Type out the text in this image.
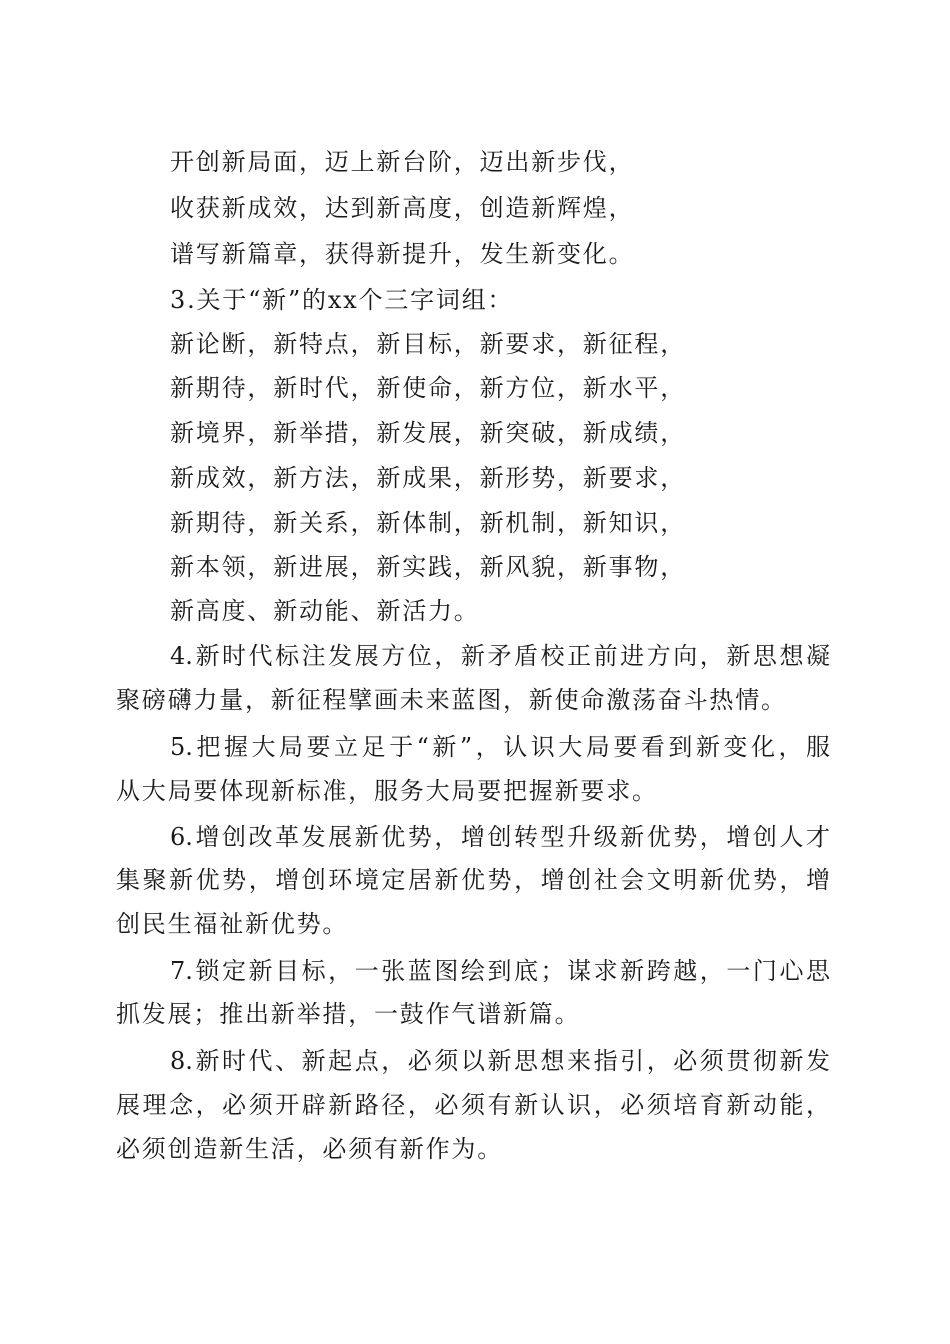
开创新局面，迈上新台阶，迈出新步伐，
收获新成效，达到新高度，创造新辉煌，
谱写新篇章，获得新提升，发生新变化。
3.关于“新”的xx个三字词组：
新论断，新特点，新目标，新要求，新征程，
新期待，新时代，新使命，新方位，新水平，
新境界，新举措，新发展，新突破，新成绩，
新成效，新方法，新成果，新形势，新要求，
新期待，新关系，新体制，新机制，新知识，
新本领，新进展，新实践，新风貌，新事物，
新高度、新动能、新活力。
4.新时代标注发展方位，新矛盾校正前进方向，新思想凝
聚磅礴力量，新征程擘画未来蓝图，新使命激荡奋斗热情。
5.把握大局要立足于“新”，认识大局要看到新变化，服
从大局要体现新标准，服务大局要把握新要求。
6.增创改革发展新优势，增创转型升级新优势，增创人才
集聚新优势，增创环境定居新优势，增创社会文明新优势，增
创民生福祉新优势。
7.锁定新目标，一张蓝图绘到底；谋求新跨越，一门心思
抓发展；推出新举措，一鼓作气谱新篇。
8.新时代、新起点，必须以新思想来指引，必须贯彻新发
展理念，必须开辟新路径，必须有新认识，必须培育新动能，
必须创造新生活，必须有新作为。
